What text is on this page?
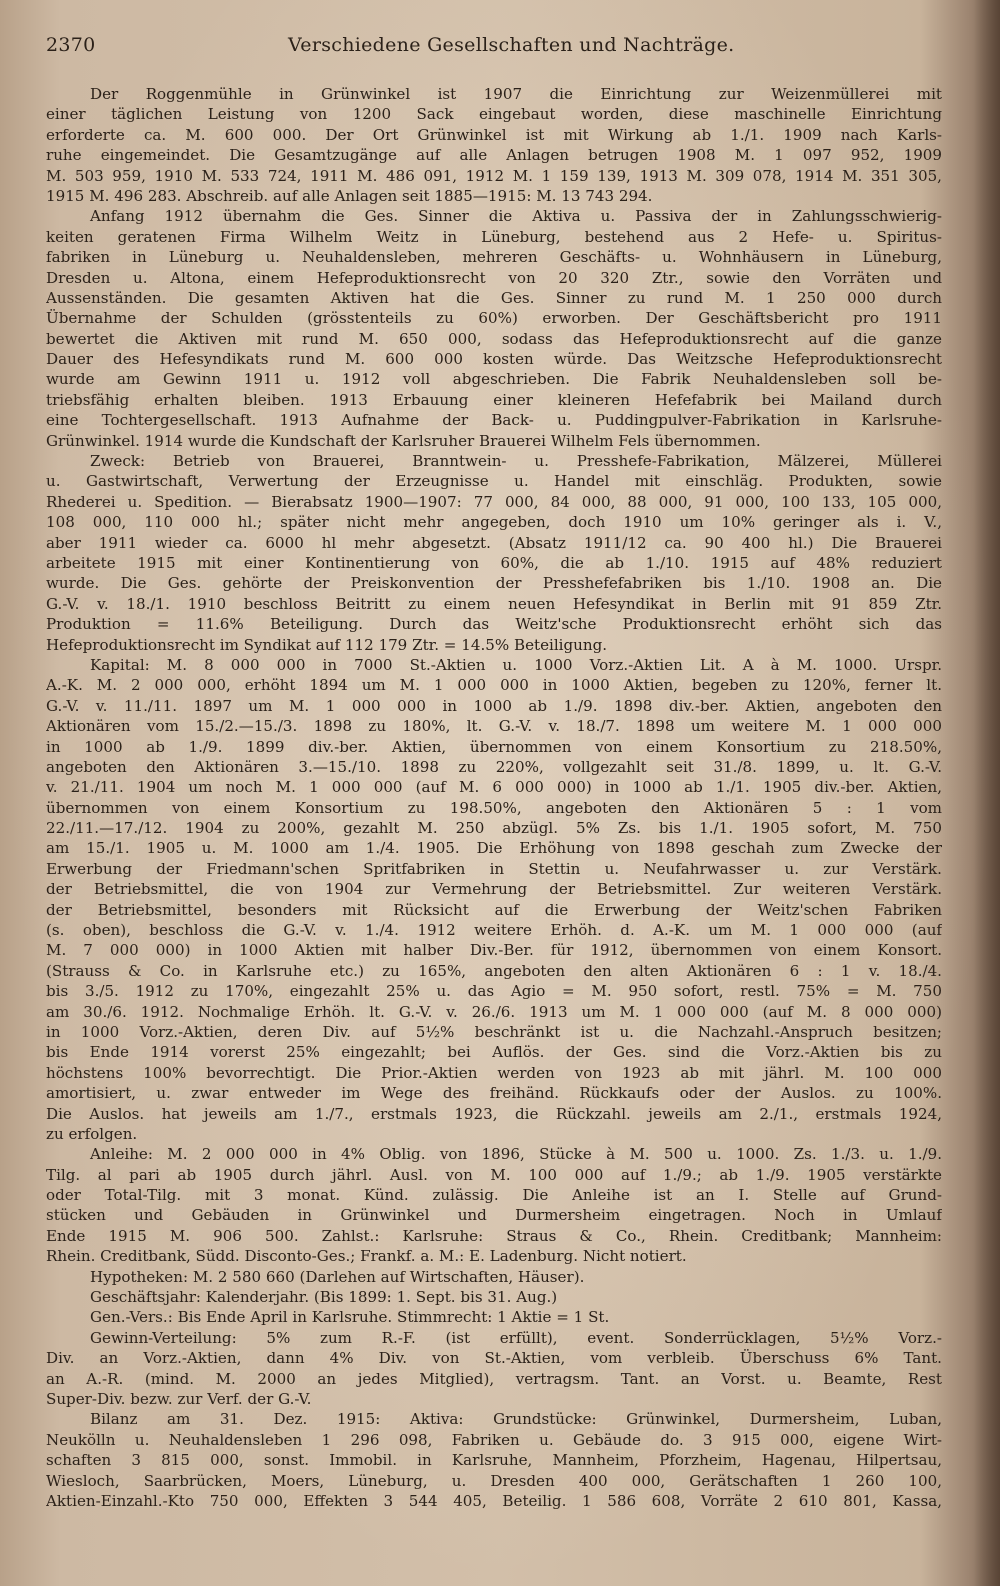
2370	Verschiedene Gesellschaften und Nachträge.
Der Roggenmühle in Grünwinkel ist 1907 die Einrichtung zur Weizenmüllerei mit
einer täglichen Leistung von 1200 Sack eingebaut worden, diese maschinelle Einrichtung
erforderte ca. M. 600 000. Der Ort Grünwinkel ist mit Wirkung ab 1./1. 1909 nach Karls-
ruhe eingemeindet. Die Gesamtzugänge auf alle Anlagen betrugen 1908 M. 1 097 952, 1909
M. 503 959, 1910 M. 533 724, 1911 M. 486 091, 1912 M. 1 159 139, 1913 M. 309 078, 1914 M. 351 305,
1915 M. 496 283. Abschreib. auf alle Anlagen seit 1885—1915: M. 13 743 294.
Anfang 1912 übernahm die Ges. Sinner die Aktiva u. Passiva der in Zahlungsschwierig-
keiten geratenen Firma Wilhelm Weitz in Lüneburg, bestehend aus 2 Hefe- u. Spiritus-
fabriken in Lüneburg u. Neuhaldensleben, mehreren Geschäfts- u. Wohnhäusern in Lüneburg,
Dresden u. Altona, einem Hefeproduktionsrecht von 20 320 Ztr., sowie den Vorräten und
Aussenständen. Die gesamten Aktiven hat die Ges. Sinner zu rund M. 1 250 000 durch
Übernahme der Schulden (grösstenteils zu 60%) erworben. Der Geschäftsbericht pro 1911
bewertet die Aktiven mit rund M. 650 000, sodass das Hefeproduktionsrecht auf die ganze
Dauer des Hefesyndikats rund M. 600 000 kosten würde. Das Weitzsche Hefeproduktionsrecht
wurde am Gewinn 1911 u. 1912 voll abgeschrieben. Die Fabrik Neuhaldensleben soll be-
triebsfähig erhalten bleiben. 1913 Erbauung einer kleineren Hefefabrik bei Mailand durch
eine Tochtergesellschaft. 1913 Aufnahme der Back- u. Puddingpulver-Fabrikation in Karlsruhe-
Grünwinkel. 1914 wurde die Kundschaft der Karlsruher Brauerei Wilhelm Fels übernommen.
Zweck: Betrieb von Brauerei, Branntwein- u. Presshefe-Fabrikation, Mälzerei, Müllerei
u. Gastwirtschaft, Verwertung der Erzeugnisse u. Handel mit einschläg. Produkten, sowie
Rhederei u. Spedition. — Bierabsatz 1900—1907: 77 000, 84 000, 88 000, 91 000, 100 133, 105 000,
108 000, 110 000 hl.; später nicht mehr angegeben, doch 1910 um 10% geringer als i. V.,
aber 1911 wieder ca. 6000 hl mehr abgesetzt. (Absatz 1911/12 ca. 90 400 hl.) Die Brauerei
arbeitete 1915 mit einer Kontinentierung von 60%, die ab 1./10. 1915 auf 48% reduziert
wurde. Die Ges. gehörte der Preiskonvention der Presshefefabriken bis 1./10. 1908 an. Die
G.-V. v. 18./1. 1910 beschloss Beitritt zu einem neuen Hefesyndikat in Berlin mit 91 859 Ztr.
Produktion = 11.6% Beteiligung. Durch das Weitz'sche Produktionsrecht erhöht sich das
Hefeproduktionsrecht im Syndikat auf 112 179 Ztr. = 14.5% Beteiligung.
Kapital: M. 8 000 000 in 7000 St.-Aktien u. 1000 Vorz.-Aktien Lit. A à M. 1000. Urspr.
A.-K. M. 2 000 000, erhöht 1894 um M. 1 000 000 in 1000 Aktien, begeben zu 120%, ferner lt.
G.-V. v. 11./11. 1897 um M. 1 000 000 in 1000 ab 1./9. 1898 div.-ber. Aktien, angeboten den
Aktionären vom 15./2.—15./3. 1898 zu 180%, lt. G.-V. v. 18./7. 1898 um weitere M. 1 000 000
in 1000 ab 1./9. 1899 div.-ber. Aktien, übernommen von einem Konsortium zu 218.50%,
angeboten den Aktionären 3.—15./10. 1898 zu 220%, vollgezahlt seit 31./8. 1899, u. lt. G.-V.
v. 21./11. 1904 um noch M. 1 000 000 (auf M. 6 000 000) in 1000 ab 1./1. 1905 div.-ber. Aktien,
übernommen von einem Konsortium zu 198.50%, angeboten den Aktionären 5 : 1 vom
22./11.—17./12. 1904 zu 200%, gezahlt M. 250 abzügl. 5% Zs. bis 1./1. 1905 sofort, M. 750
am 15./1. 1905 u. M. 1000 am 1./4. 1905. Die Erhöhung von 1898 geschah zum Zwecke der
Erwerbung der Friedmann'schen Spritfabriken in Stettin u. Neufahrwasser u. zur Verstärk.
der Betriebsmittel, die von 1904 zur Vermehrung der Betriebsmittel. Zur weiteren Verstärk.
der Betriebsmittel, besonders mit Rücksicht auf die Erwerbung der Weitz'schen Fabriken
(s. oben), beschloss die G.-V. v. 1./4. 1912 weitere Erhöh. d. A.-K. um M. 1 000 000 (auf
M. 7 000 000) in 1000 Aktien mit halber Div.-Ber. für 1912, übernommen von einem Konsort.
(Strauss & Co. in Karlsruhe etc.) zu 165%, angeboten den alten Aktionären 6 : 1 v. 18./4.
bis 3./5. 1912 zu 170%, eingezahlt 25% u. das Agio = M. 950 sofort, restl. 75% = M. 750
am 30./6. 1912. Nochmalige Erhöh. lt. G.-V. v. 26./6. 1913 um M. 1 000 000 (auf M. 8 000 000)
in 1000 Vorz.-Aktien, deren Div. auf 5½% beschränkt ist u. die Nachzahl.-Anspruch besitzen;
bis Ende 1914 vorerst 25% eingezahlt; bei Auflös. der Ges. sind die Vorz.-Aktien bis zu
höchstens 100% bevorrechtigt. Die Prior.-Aktien werden von 1923 ab mit jährl. M. 100 000
amortisiert, u. zwar entweder im Wege des freihänd. Rückkaufs oder der Auslos. zu 100%.
Die Auslos. hat jeweils am 1./7., erstmals 1923, die Rückzahl. jeweils am 2./1., erstmals 1924,
zu erfolgen.
Anleihe: M. 2 000 000 in 4% Oblig. von 1896, Stücke à M. 500 u. 1000. Zs. 1./3. u. 1./9.
Tilg. al pari ab 1905 durch jährl. Ausl. von M. 100 000 auf 1./9.; ab 1./9. 1905 verstärkte
oder Total-Tilg. mit 3 monat. Künd. zulässig. Die Anleihe ist an I. Stelle auf Grund-
stücken und Gebäuden in Grünwinkel und Durmersheim eingetragen. Noch in Umlauf
Ende 1915 M. 906 500. Zahlst.: Karlsruhe: Straus & Co., Rhein. Creditbank; Mannheim:
Rhein. Creditbank, Südd. Disconto-Ges.; Frankf. a. M.: E. Ladenburg. Nicht notiert.
Hypotheken: M. 2 580 660 (Darlehen auf Wirtschaften, Häuser).
Geschäftsjahr: Kalenderjahr. (Bis 1899: 1. Sept. bis 31. Aug.)
Gen.-Vers.: Bis Ende April in Karlsruhe. Stimmrecht: 1 Aktie = 1 St.
Gewinn-Verteilung: 5% zum R.-F. (ist erfüllt), event. Sonderrücklagen, 5½% Vorz.-
Div. an Vorz.-Aktien, dann 4% Div. von St.-Aktien, vom verbleib. Überschuss 6% Tant.
an A.-R. (mind. M. 2000 an jedes Mitglied), vertragsm. Tant. an Vorst. u. Beamte, Rest
Super-Div. bezw. zur Verf. der G.-V.
Bilanz am 31. Dez. 1915: Aktiva: Grundstücke: Grünwinkel, Durmersheim, Luban,
Neukölln u. Neuhaldensleben 1 296 098, Fabriken u. Gebäude do. 3 915 000, eigene Wirt-
schaften 3 815 000, sonst. Immobil. in Karlsruhe, Mannheim, Pforzheim, Hagenau, Hilpertsau,
Wiesloch, Saarbrücken, Moers, Lüneburg, u. Dresden 400 000, Gerätschaften 1 260 100,
Aktien-Einzahl.-Kto 750 000, Effekten 3 544 405, Beteilig. 1 586 608, Vorräte 2 610 801, Kassa,
